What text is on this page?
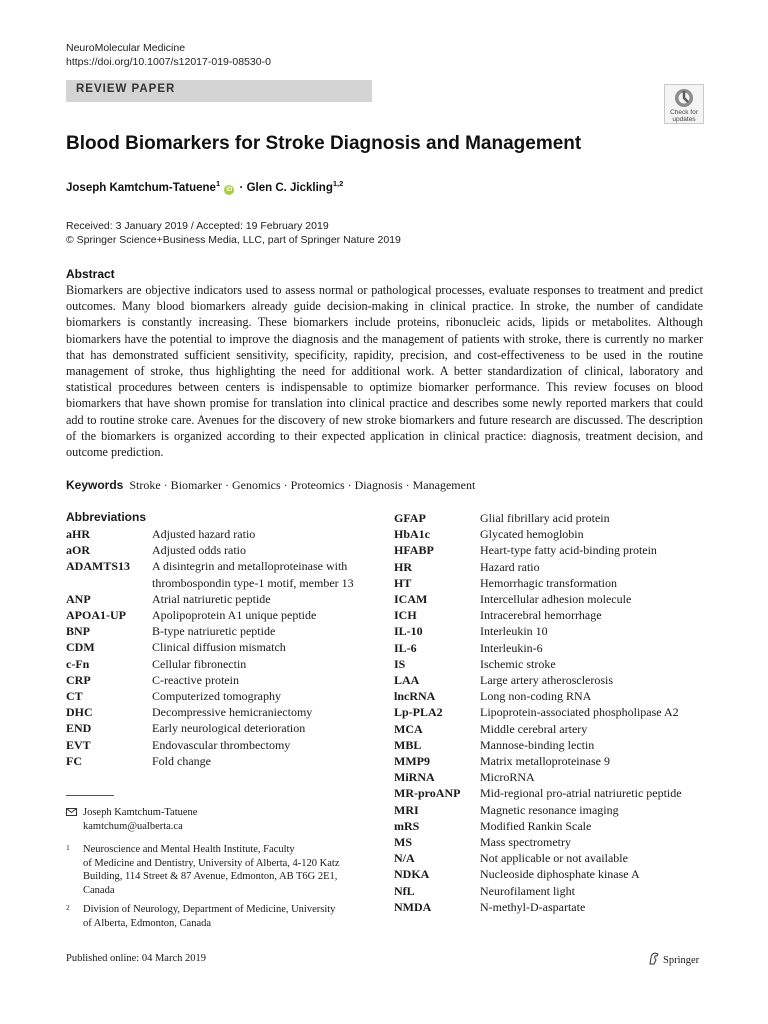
NeuroMolecular Medicine
https://doi.org/10.1007/s12017-019-08530-0
REVIEW PAPER
Check for
updates
Blood Biomarkers for Stroke Diagnosis and Management
Joseph Kamtchum-Tatuene$^1$ iD · Glen C. Jickling$^{1,2}$
Received: 3 January 2019 / Accepted: 19 February 2019
© Springer Science+Business Media, LLC, part of Springer Nature 2019
Abstract
Biomarkers are objective indicators used to assess normal or pathological processes, evaluate responses to treatment and predict outcomes. Many blood biomarkers already guide decision-making in clinical practice. In stroke, the number of candidate biomarkers is constantly increasing. These biomarkers include proteins, ribonucleic acids, lipids or metabolites. Although biomarkers have the potential to improve the diagnosis and the management of patients with stroke, there is currently no marker that has demonstrated sufficient sensitivity, specificity, rapidity, precision, and cost-effectiveness to be used in the routine management of stroke, thus highlighting the need for additional work. A better standardization of clinical, laboratory and statistical procedures between centers is indispensable to optimize biomarker performance. This review focuses on blood biomarkers that have shown promise for translation into clinical practice and describes some newly reported markers that could add to routine stroke care. Avenues for the discovery of new stroke biomarkers and future research are discussed. The description of the biomarkers is organized according to their expected application in clinical practice: diagnosis, treatment decision, and outcome prediction.
Keywords Stroke · Biomarker · Genomics · Proteomics · Diagnosis · Management
Abbreviations
aHR	Adjusted hazard ratio
aOR	Adjusted odds ratio
ADAMTS13	A disintegrin and metalloproteinase with
thrombospondin type-1 motif, member 13
ANP	Atrial natriuretic peptide
APOA1-UP	Apolipoprotein A1 unique peptide
BNP	B-type natriuretic peptide
CDM	Clinical diffusion mismatch
c-Fn	Cellular fibronectin
CRP	C-reactive protein
CT	Computerized tomography
DHC	Decompressive hemicraniectomy
END	Early neurological deterioration
EVT	Endovascular thrombectomy
FC	Fold change
GFAP	Glial fibrillary acid protein
HbA1c	Glycated hemoglobin
HFABP	Heart-type fatty acid-binding protein
HR	Hazard ratio
HT	Hemorrhagic transformation
ICAM	Intercellular adhesion molecule
ICH	Intracerebral hemorrhage
IL-10	Interleukin 10
IL-6	Interleukin-6
IS	Ischemic stroke
LAA	Large artery atherosclerosis
lncRNA	Long non-coding RNA
Lp-PLA2	Lipoprotein-associated phospholipase A2
MCA	Middle cerebral artery
MBL	Mannose-binding lectin
MMP9	Matrix metalloproteinase 9
MiRNA	MicroRNA
MR-proANP	Mid-regional pro-atrial natriuretic peptide
MRI	Magnetic resonance imaging
mRS	Modified Rankin Scale
MS	Mass spectrometry
N/A	Not applicable or not available
NDKA	Nucleoside diphosphate kinase A
NfL	Neurofilament light
NMDA	N-methyl-D-aspartate
Joseph Kamtchum-Tatuene
kamtchum@ualberta.ca
1 Neuroscience and Mental Health Institute, Faculty
of Medicine and Dentistry, University of Alberta, 4-120 Katz
Building, 114 Street & 87 Avenue, Edmonton, AB T6G 2E1,
Canada
2 Division of Neurology, Department of Medicine, University
of Alberta, Edmonton, Canada
Published online: 04 March 2019	Springer
